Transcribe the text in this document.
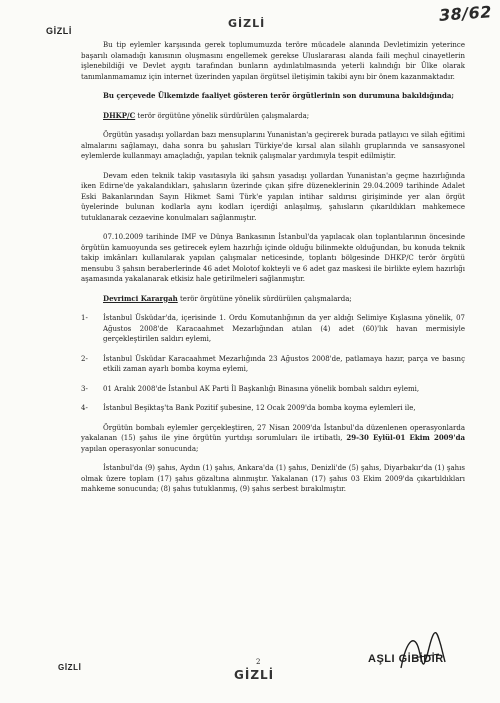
38/62
GİZLİ
GİZLİ

Bu tip eylemler karşısında gerek toplumumuzda teröre mücadele alanında Devletimizin yeterince başarılı olamadığı kanısının oluşmasını engellemek gerekse Uluslararası alanda faili meçhul cinayetlerin işlenebildiği ve Devlet aygıtı tarafından bunların aydınlatılmasında yeterli kalındığı bir Ülke olarak tanımlanmamamız için internet üzerinden yapılan örgütsel iletişimin takibi aynı bir önem kazanmaktadır.

Bu çerçevede Ülkemizde faaliyet gösteren terör örgütlerinin son durumuna bakıldığında;

DHKP/C terör örgütüne yönelik sürdürülen çalışmalarda;

Örgütün yasadışı yollardan bazı mensuplarını Yunanistan'a geçirerek burada patlayıcı ve silah eğitimi almalarını sağlamayı, daha sonra bu şahısları Türkiye'de kırsal alan silahlı gruplarında ve sansasyonel eylemlerde kullanmayı amaçladığı, yapılan teknik çalışmalar yardımıyla tespit edilmiştir.

Devam eden teknik takip vasıtasıyla iki şahsın yasadışı yollardan Yunanistan'a geçme hazırlığında iken Edirne'de yakalandıkları, şahısların üzerinde çıkan şifre düzeneklerinin 29.04.2009 tarihinde Adalet Eski Bakanlarından Sayın Hikmet Sami Türk'e yapılan intihar saldırısı girişiminde yer alan örgüt üyelerinde bulunan kodlarla aynı kodları içerdiği anlaşılmış, şahısların çıkarıldıkları mahkemece tutuklanarak cezaevine konulmaları sağlanmıştır.

07.10.2009 tarihinde IMF ve Dünya Bankasının İstanbul'da yapılacak olan toplantılarının öncesinde örgütün kamuoyunda ses getirecek eylem hazırlığı içinde olduğu bilinmekte olduğundan, bu konuda teknik takip imkânları kullanılarak yapılan çalışmalar neticesinde, toplantı bölgesinde DHKP/C terör örgütü mensubu 3 şahsın beraberlerinde 46 adet Molotof kokteyli ve 6 adet gaz maskesi ile birlikte eylem hazırlığı aşamasında yakalanarak etkisiz hale getirilmeleri sağlanmıştır.

Devrimci Karargah terör örgütüne yönelik sürdürülen çalışmalarda;

1- İstanbul Üsküdar'da, içerisinde 1. Ordu Komutanlığının da yer aldığı Selimiye Kışlasına yönelik, 07 Ağustos 2008'de Karacaahmet Mezarlığından atılan (4) adet (60)'lık havan mermisiyle gerçekleştirilen saldırı eylemi,
2- İstanbul Üsküdar Karacaahmet Mezarlığında 23 Ağustos 2008'de, patlamaya hazır, parça ve basınç etkili zaman ayarlı bomba koyma eylemi,
3- 01 Aralık 2008'de İstanbul AK Parti İl Başkanlığı Binasına yönelik bombalı saldırı eylemi,
4- İstanbul Beşiktaş'ta Bank Pozitif şubesine, 12 Ocak 2009'da bomba koyma eylemleri ile,

Örgütün bombalı eylemler gerçekleştiren, 27 Nisan 2009'da İstanbul'da düzenlenen operasyonlarda yakalanan (15) şahıs ile yine örgütün yurtdışı sorumluları ile irtibatlı, 29-30 Eylül-01 Ekim 2009'da yapılan operasyonlar sonucunda;

İstanbul'da (9) şahıs, Aydın (1) şahıs, Ankara'da (1) şahıs, Denizli'de (5) şahıs, Diyarbakır'da (1) şahıs olmak üzere toplam (17) şahıs gözaltına alınmıştır. Yakalanan (17) şahıs 03 Ekim 2009'da çıkartıldıkları mahkeme sonucunda; (8) şahıs tutuklanmış, (9) şahıs serbest bırakılmıştır.

GİZLİ
2
GİZLİ
AŞLI GİBİDİR
